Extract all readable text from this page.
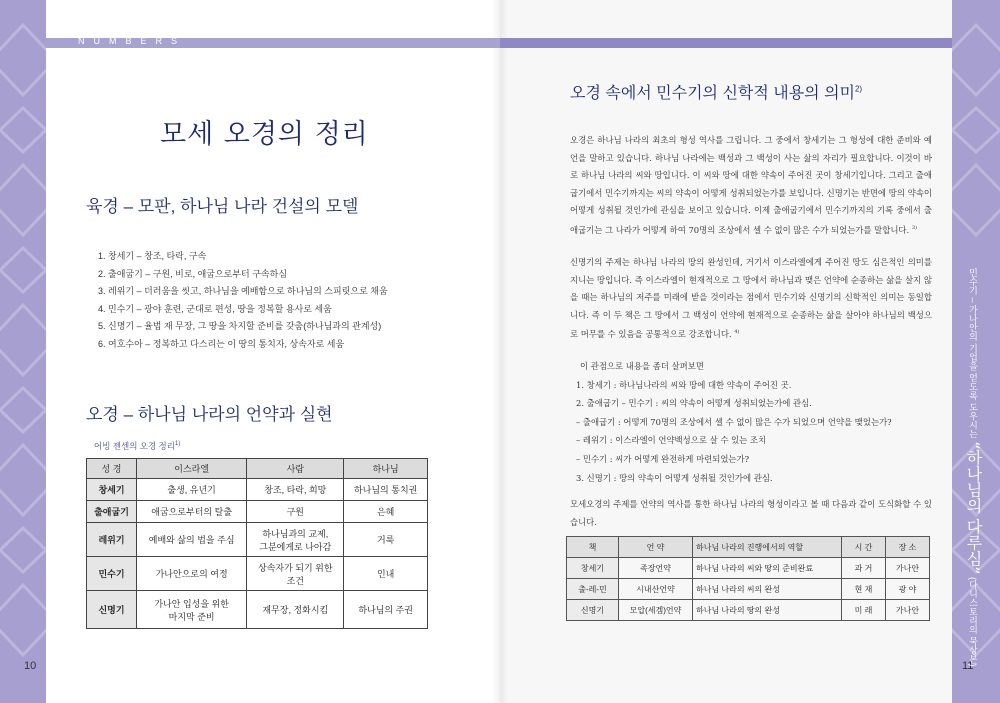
NUMBERS
모세 오경의 정리
육경 – 모판, 하나님 나라 건설의 모델
1. 창세기 – 창조, 타락, 구속
2. 출애굽기 – 구원, 비로, 애굽으로부터 구속하심
3. 레위기 – 더러움을 씻고, 하나님을 예배함으로 하나님의 스피릿으로 채움
4. 민수기 – 광야 훈련, 군대로 편성, 땅을 정복할 용사로 세움
5. 신명기 – 율법 재 무장, 그 땅을 차지할 준비를 갖춤(하나님과의 관계성)
6. 여호수아 – 정복하고 다스리는 이 땅의 통치자, 상속자로 세움
오경 – 하나님 나라의 언약과 실현
어빙 젠센의 오경 정리$^{1)}$
성 경	이스라엘	사람	하나님
창세기	출생, 유년기	창조, 타락, 희망	하나님의 통치권
출애굽기	애굽으로부터의 탈출	구원	은혜
레위기	예배와 삶의 법을 주심	하나님과의 교제,
그분에게로 나아감	거룩
민수기	가나안으로의 여정	상속자가 되기 위한
조건	인내
신명기	가나안 입성을 위한
마지막 준비	재무장, 정화시킴	하나님의 주권
10
오경 속에서 민수기의 신학적 내용의 의미$^{2)}$

오경은 하나님 나라의 최초의 형성 역사를 그립니다. 그 중에서 창세기는 그 형성에 대한 준비와 예언을 말하고 있습니다. 하나님 나라에는 백성과 그 백성이 사는 삶의 자리가 필요합니다. 이것이 바로 하나님 나라의 씨와 땅입니다. 이 씨와 땅에 대한 약속이 주어진 곳이 창세기입니다. 그리고 출애굽기에서 민수기까지는 씨의 약속이 어떻게 성취되었는가를 보입니다. 신명기는 반면에 땅의 약속이 어떻게 성취될 것인가에 관심을 보이고 있습니다. 이제 출애굽기에서 민수기까지의 기록 중에서 출애굽기는 그 나라가 어떻게 하여 70명의 조상에서 셀 수 없이 많은 수가 되었는가를 말합니다. $^{3)}$

신명기의 주제는 하나님 나라의 땅의 완성인데, 거기서 이스라엘에게 주어진 땅도 심은적인 의미를 지니는 땅입니다. 즉 이스라엘이 현재적으로 그 땅에서 하나님과 맺은 언약에 순종하는 삶을 살지 않을 때는 하나님의 저주를 미래에 받을 것이라는 점에서 민수기와 신명기의 신학적인 의미는 동일합니다. 즉 이 두 책은 그 땅에서 그 백성이 언약에 현재적으로 순종하는 삶을 살아야 하나님의 백성으로 머무를 수 있음을 공통적으로 강조합니다. $^{4)}$

이 관점으로 내용을 좀더 살펴보면
1. 창세기 : 하나님나라의 씨와 땅에 대한 약속이 주어진 곳.
2. 출애굽기 – 민수기 : 씨의 약속이 어떻게 성취되었는가에 관심.
– 출애굽기 : 어떻게 70명의 조상에서 셀 수 없이 많은 수가 되었으며 언약을 맺었는가?
– 레위기 : 이스라엘이 언약백성으로 살 수 있는 조치
– 민수기 : 씨가 어떻게 완전하게 마련되었는가?
3. 신명기 : 땅의 약속이 어떻게 성취될 것인가에 관심.

모세오경의 주제를 언약의 역사를 통한 하나님 나라의 형성이라고 볼 때 다음과 같이 도식화할 수 있습니다.

책	언 약	하나님 나라의 진행에서의 역할	시 간	장 소
창세기	족장언약	하나님 나라의 씨와 땅의 준비완료	과 거	가나안
출-레-민	시내산언약	하나님 나라의 씨의 완성	현 재	광 야
신명기	모압(세겜)언약	하나님 나라의 땅의 완성	미 래	가나안
11
민수기 – 가나안의 기업을 얻도록 도우시는 “하나님의 다루심” (다니스토리의 묵상본)
